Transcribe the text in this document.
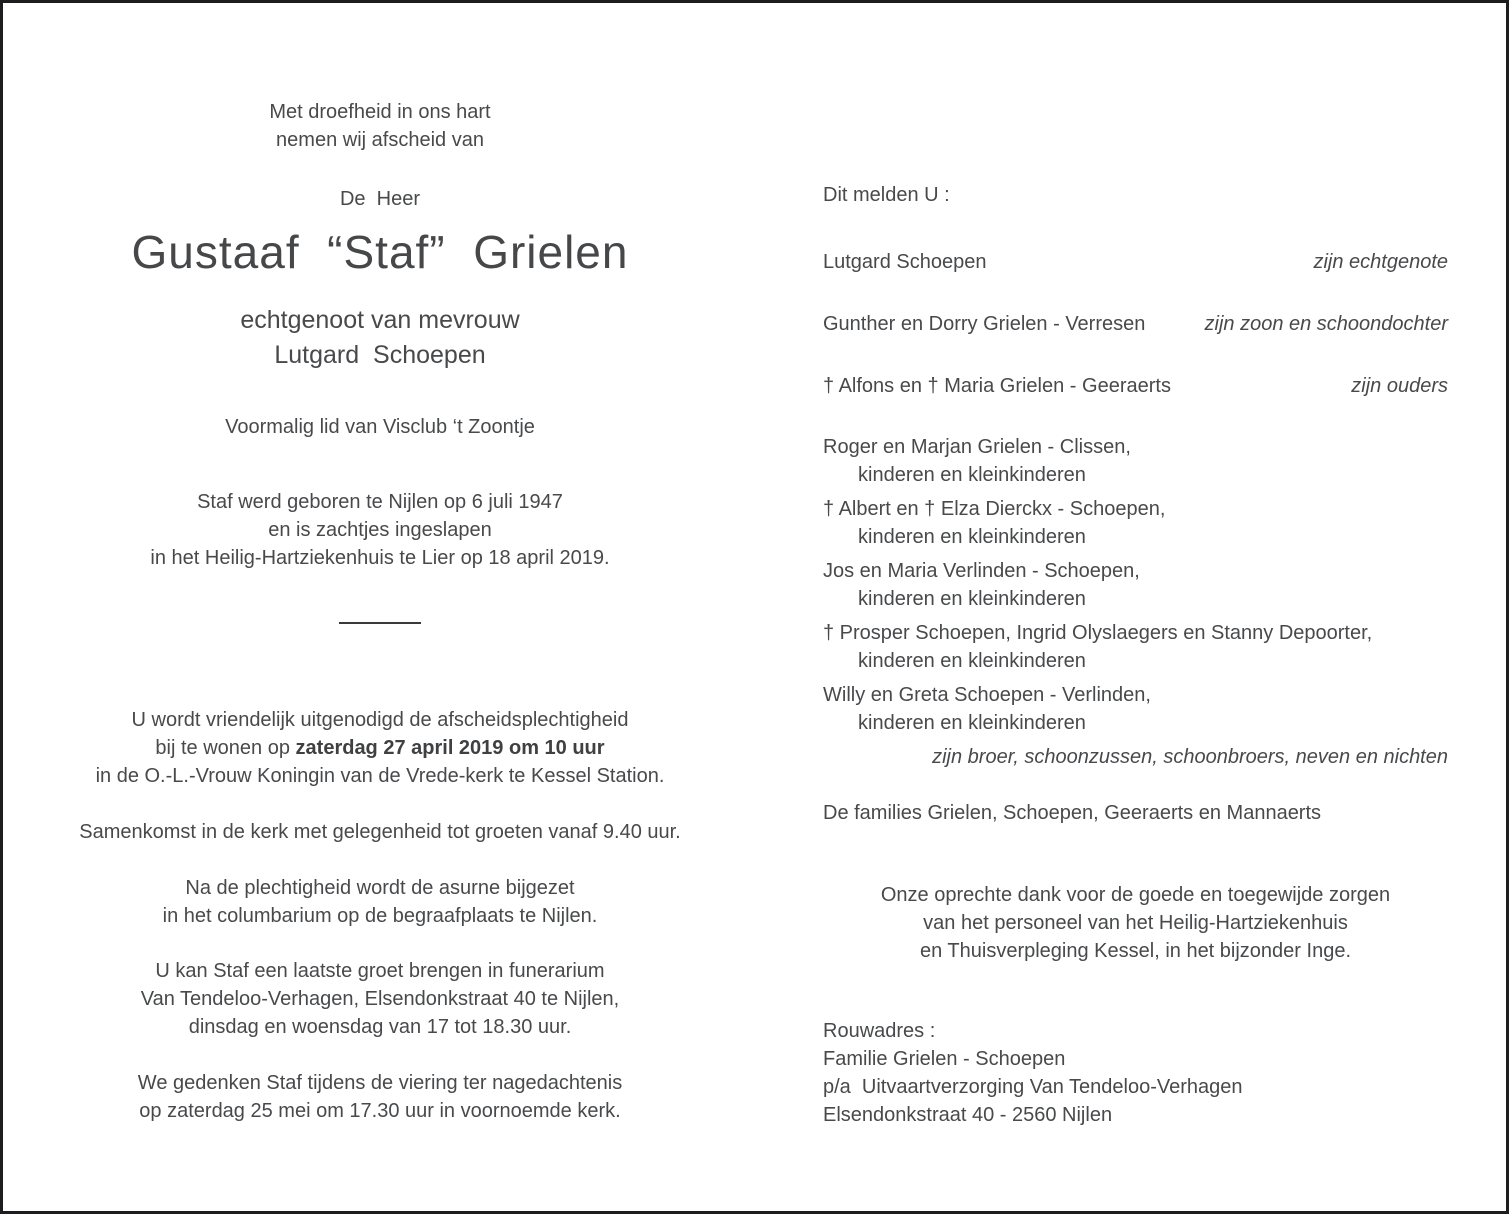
Met droefheid in ons hart
nemen wij afscheid van

De  Heer

Gustaaf  “Staf”  Grielen

echtgenoot van mevrouw
Lutgard  Schoepen

Voormalig lid van Visclub ‘t Zoontje

Staf werd geboren te Nijlen op 6 juli 1947
en is zachtjes ingeslapen
in het Heilig-Hartziekenhuis te Lier op 18 april 2019.

U wordt vriendelijk uitgenodigd de afscheidsplechtigheid
bij te wonen op zaterdag 27 april 2019 om 10 uur
in de O.-L.-Vrouw Koningin van de Vrede-kerk te Kessel Station.

Samenkomst in de kerk met gelegenheid tot groeten vanaf 9.40 uur.

Na de plechtigheid wordt de asurne bijgezet
in het columbarium op de begraafplaats te Nijlen.

U kan Staf een laatste groet brengen in funerarium
Van Tendeloo-Verhagen, Elsendonkstraat 40 te Nijlen,
dinsdag en woensdag van 17 tot 18.30 uur.

We gedenken Staf tijdens de viering ter nagedachtenis
op zaterdag 25 mei om 17.30 uur in voornoemde kerk.

Dit melden U :

Lutgard Schoepen	zijn echtgenote
Gunther en Dorry Grielen - Verresen	zijn zoon en schoondochter
† Alfons en † Maria Grielen - Geeraerts	zijn ouders
Roger en Marjan Grielen - Clissen,
kinderen en kleinkinderen
† Albert en † Elza Dierckx - Schoepen,
kinderen en kleinkinderen
Jos en Maria Verlinden - Schoepen,
kinderen en kleinkinderen
† Prosper Schoepen, Ingrid Olyslaegers en Stanny Depoorter,
kinderen en kleinkinderen
Willy en Greta Schoepen - Verlinden,
kinderen en kleinkinderen
zijn broer, schoonzussen, schoonbroers, neven en nichten
De families Grielen, Schoepen, Geeraerts en Mannaerts
Onze oprechte dank voor de goede en toegewijde zorgen
van het personeel van het Heilig-Hartziekenhuis
en Thuisverpleging Kessel, in het bijzonder Inge.
Rouwadres :
Familie Grielen - Schoepen
p/a  Uitvaartverzorging Van Tendeloo-Verhagen
Elsendonkstraat 40 - 2560 Nijlen
